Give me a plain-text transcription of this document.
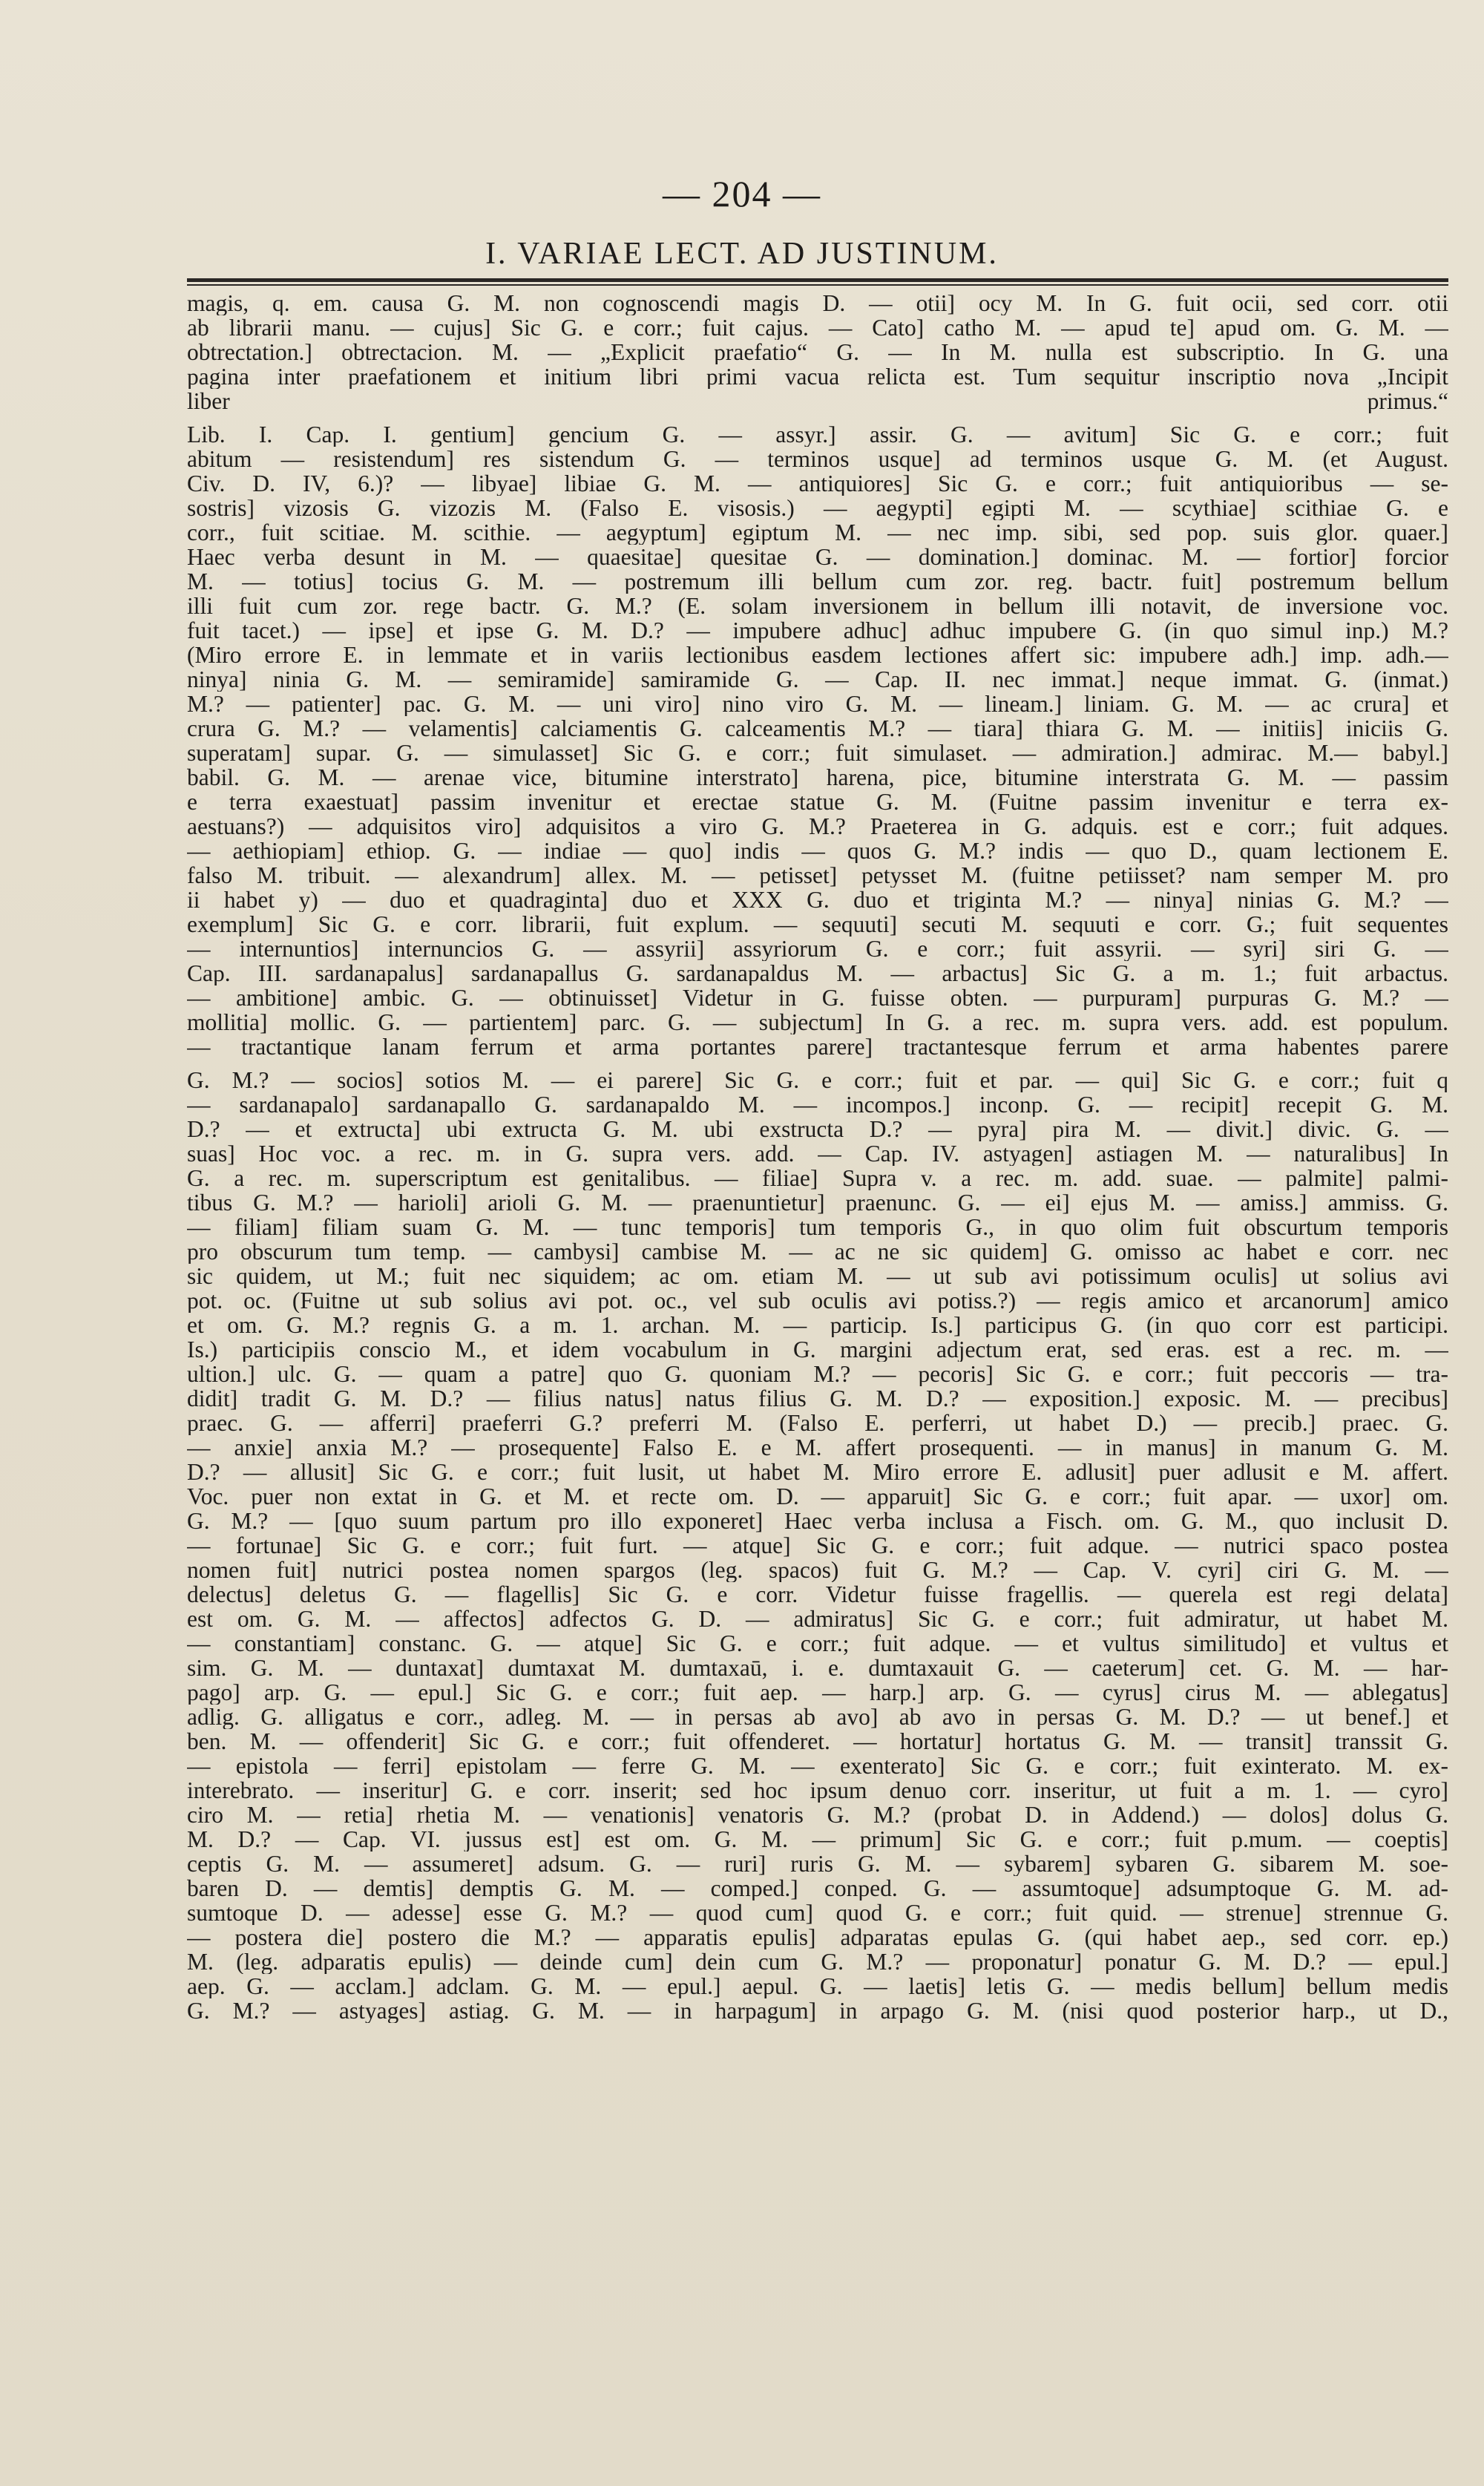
— 204 —
I. VARIAE LECT. AD JUSTINUM.
magis, q. em. causa G. M. non cognoscendi magis D. — otii] ocy M. In G. fuit ocii, sed corr. otii
ab librarii manu. — cujus] Sic G. e corr.; fuit cajus. — Cato] catho M. — apud te] apud om. G. M. —
obtrectation.] obtrectacion. M. — „Explicit praefatio“ G. — In M. nulla est subscriptio. In G. una
pagina inter praefationem et initium libri primi vacua relicta est. Tum sequitur inscriptio nova „Incipit
liber primus.“
Lib. I. Cap. I. gentium] gencium G. — assyr.] assir. G. — avitum] Sic G. e corr.; fuit
abitum — resistendum] res sistendum G. — terminos usque] ad terminos usque G. M. (et August.
Civ. D. IV, 6.)? — libyae] libiae G. M. — antiquiores] Sic G. e corr.; fuit antiquioribus — se-
sostris] vizosis G. vizozis M. (Falso E. visosis.) — aegypti] egipti M. — scythiae] scithiae G. e
corr., fuit scitiae. M. scithie. — aegyptum] egiptum M. — nec imp. sibi, sed pop. suis glor. quaer.]
Haec verba desunt in M. — quaesitae] quesitae G. — domination.] dominac. M. — fortior] forcior
M. — totius] tocius G. M. — postremum illi bellum cum zor. reg. bactr. fuit] postremum bellum
illi fuit cum zor. rege bactr. G. M.? (E. solam inversionem in bellum illi notavit, de inversione voc.
fuit tacet.) — ipse] et ipse G. M. D.? — impubere adhuc] adhuc impubere G. (in quo simul inp.) M.?
(Miro errore E. in lemmate et in variis lectionibus easdem lectiones affert sic: impubere adh.] imp. adh.—
ninya] ninia G. M. — semiramide] samiramide G. — Cap. II. nec immat.] neque immat. G. (inmat.)
M.? — patienter] pac. G. M. — uni viro] nino viro G. M. — lineam.] liniam. G. M. — ac crura] et
crura G. M.? — velamentis] calciamentis G. calceamentis M.? — tiara] thiara G. M. — initiis] iniciis G.
superatam] supar. G. — simulasset] Sic G. e corr.; fuit simulaset. — admiration.] admirac. M.— babyl.]
babil. G. M. — arenae vice, bitumine interstrato] harena, pice, bitumine interstrata G. M. — passim
e terra exaestuat] passim invenitur et erectae statue G. M. (Fuitne passim invenitur e terra ex-
aestuans?) — adquisitos viro] adquisitos a viro G. M.? Praeterea in G. adquis. est e corr.; fuit adques.
— aethiopiam] ethiop. G. — indiae — quo] indis — quos G. M.? indis — quo D., quam lectionem E.
falso M. tribuit. — alexandrum] allex. M. — petisset] petysset M. (fuitne petiisset? nam semper M. pro
ii habet y) — duo et quadraginta] duo et XXX G. duo et triginta M.? — ninya] ninias G. M.? —
exemplum] Sic G. e corr. librarii, fuit explum. — sequuti] secuti M. sequuti e corr. G.; fuit sequentes
— internuntios] internuncios G. — assyrii] assyriorum G. e corr.; fuit assyrii. — syri] siri G. —
Cap. III. sardanapalus] sardanapallus G. sardanapaldus M. — arbactus] Sic G. a m. 1.; fuit arbactus.
— ambitione] ambic. G. — obtinuisset] Videtur in G. fuisse obten. — purpuram] purpuras G. M.? —
mollitia] mollic. G. — partientem] parc. G. — subjectum] In G. a rec. m. supra vers. add. est populum.
— tractantique lanam ferrum et arma portantes parere] tractantesque ferrum et arma habentes parere
G. M.? — socios] sotios M. — ei parere] Sic G. e corr.; fuit et par. — qui] Sic G. e corr.; fuit q
— sardanapalo] sardanapallo G. sardanapaldo M. — incompos.] inconp. G. — recipit] recepit G. M.
D.? — et extructa] ubi extructa G. M. ubi exstructa D.? — pyra] pira M. — divit.] divic. G. —
suas] Hoc voc. a rec. m. in G. supra vers. add. — Cap. IV. astyagen] astiagen M. — naturalibus] In
G. a rec. m. superscriptum est genitalibus. — filiae] Supra v. a rec. m. add. suae. — palmite] palmi-
tibus G. M.? — harioli] arioli G. M. — praenuntietur] praenunc. G. — ei] ejus M. — amiss.] ammiss. G.
— filiam] filiam suam G. M. — tunc temporis] tum temporis G., in quo olim fuit obscurtum temporis
pro obscurum tum temp. — cambysi] cambise M. — ac ne sic quidem] G. omisso ac habet e corr. nec
sic quidem, ut M.; fuit nec siquidem; ac om. etiam M. — ut sub avi potissimum oculis] ut solius avi
pot. oc. (Fuitne ut sub solius avi pot. oc., vel sub oculis avi potiss.?) — regis amico et arcanorum] amico
et om. G. M.? regnis G. a m. 1. archan. M. — particip. Is.] participus G. (in quo corr est participi.
Is.) participiis conscio M., et idem vocabulum in G. margini adjectum erat, sed eras. est a rec. m. —
ultion.] ulc. G. — quam a patre] quo G. quoniam M.? — pecoris] Sic G. e corr.; fuit peccoris — tra-
didit] tradit G. M. D.? — filius natus] natus filius G. M. D.? — exposition.] exposic. M. — precibus]
praec. G. — afferri] praeferri G.? preferri M. (Falso E. perferri, ut habet D.) — precib.] praec. G.
— anxie] anxia M.? — prosequente] Falso E. e M. affert prosequenti. — in manus] in manum G. M.
D.? — allusit] Sic G. e corr.; fuit lusit, ut habet M. Miro errore E. adlusit] puer adlusit e M. affert.
Voc. puer non extat in G. et M. et recte om. D. — apparuit] Sic G. e corr.; fuit apar. — uxor] om.
G. M.? — [quo suum partum pro illo exponeret] Haec verba inclusa a Fisch. om. G. M., quo inclusit D.
— fortunae] Sic G. e corr.; fuit furt. — atque] Sic G. e corr.; fuit adque. — nutrici spaco postea
nomen fuit] nutrici postea nomen spargos (leg. spacos) fuit G. M.? — Cap. V. cyri] ciri G. M. —
delectus] deletus G. — flagellis] Sic G. e corr. Videtur fuisse fragellis. — querela est regi delata]
est om. G. M. — affectos] adfectos G. D. — admiratus] Sic G. e corr.; fuit admiratur, ut habet M.
— constantiam] constanc. G. — atque] Sic G. e corr.; fuit adque. — et vultus similitudo] et vultus et
sim. G. M. — duntaxat] dumtaxat M. dumtaxaū, i. e. dumtaxauit G. — caeterum] cet. G. M. — har-
pago] arp. G. — epul.] Sic G. e corr.; fuit aep. — harp.] arp. G. — cyrus] cirus M. — ablegatus]
adlig. G. alligatus e corr., adleg. M. — in persas ab avo] ab avo in persas G. M. D.? — ut benef.] et
ben. M. — offenderit] Sic G. e corr.; fuit offenderet. — hortatur] hortatus G. M. — transit] transsit G.
— epistola — ferri] epistolam — ferre G. M. — exenterato] Sic G. e corr.; fuit exinterato. M. ex-
interebrato. — inseritur] G. e corr. inserit; sed hoc ipsum denuo corr. inseritur, ut fuit a m. 1. — cyro]
ciro M. — retia] rhetia M. — venationis] venatoris G. M.? (probat D. in Addend.) — dolos] dolus G.
M. D.? — Cap. VI. jussus est] est om. G. M. — primum] Sic G. e corr.; fuit p.mum. — coeptis]
ceptis G. M. — assumeret] adsum. G. — ruri] ruris G. M. — sybarem] sybaren G. sibarem M. soe-
baren D. — demtis] demptis G. M. — comped.] conped. G. — assumtoque] adsumptoque G. M. ad-
sumtoque D. — adesse] esse G. M.? — quod cum] quod G. e corr.; fuit quid. — strenue] strennue G.
— postera die] postero die M.? — apparatis epulis] adparatas epulas G. (qui habet aep., sed corr. ep.)
M. (leg. adparatis epulis) — deinde cum] dein cum G. M.? — proponatur] ponatur G. M. D.? — epul.]
aep. G. — acclam.] adclam. G. M. — epul.] aepul. G. — laetis] letis G. — medis bellum] bellum medis
G. M.? — astyages] astiag. G. M. — in harpagum] in arpago G. M. (nisi quod posterior harp., ut D.,
